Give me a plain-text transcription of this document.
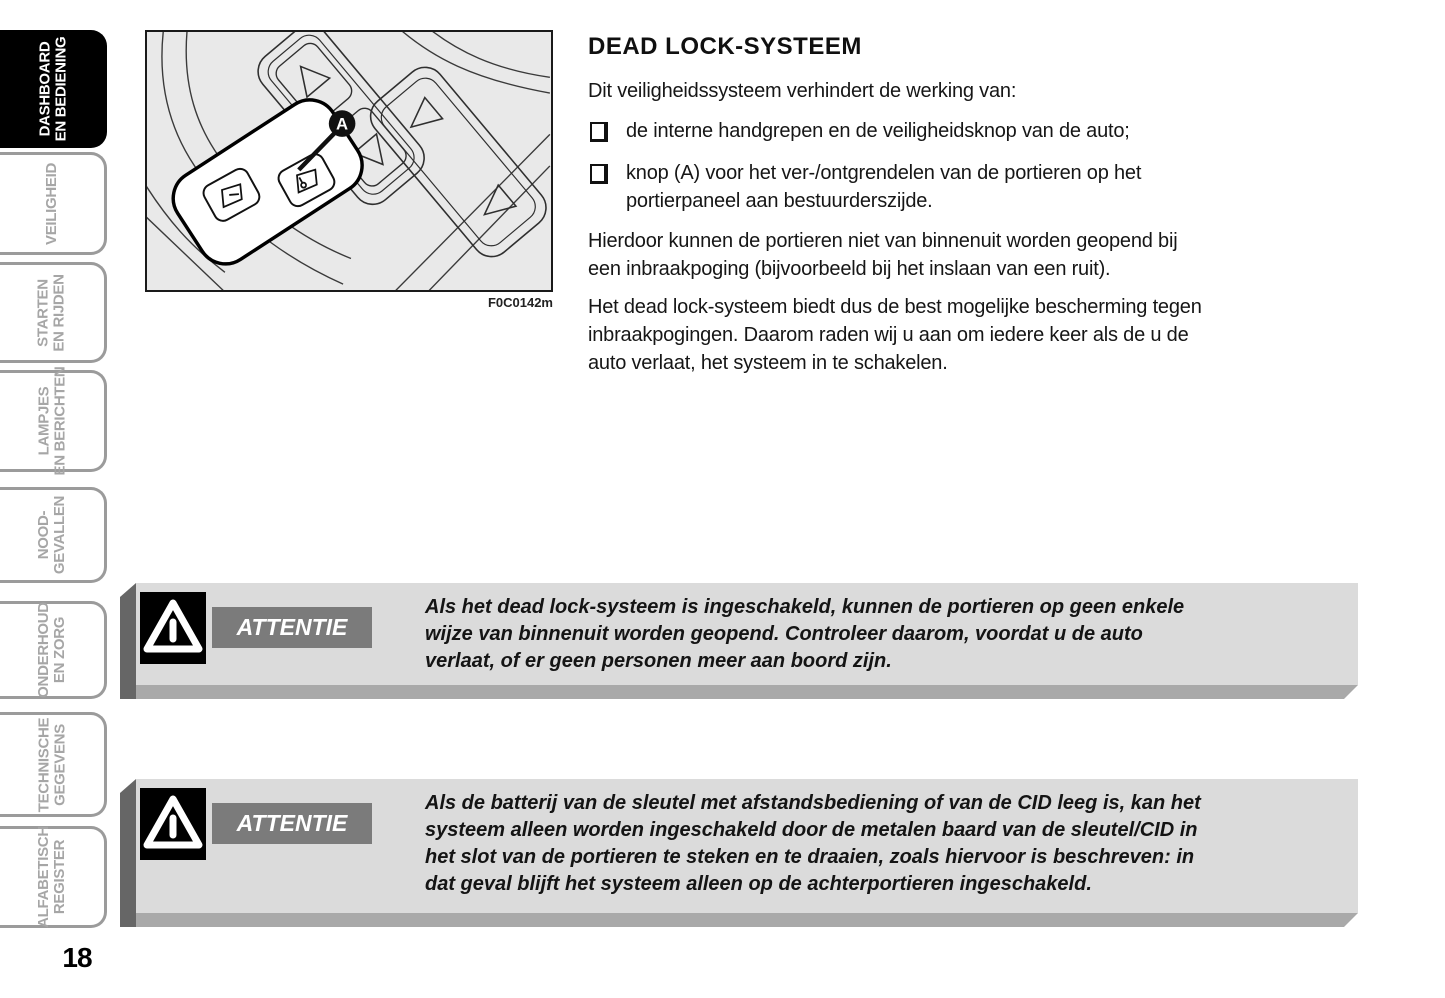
DASHBOARD EN BEDIENING
VEILIGHEID
STARTEN EN RIJDEN
LAMPJES EN BERICHTEN
NOOD- GEVALLEN
ONDERHOUD EN ZORG
TECHNISCHE GEGEVENS
ALFABETISCH REGISTER
18
A
F0C0142m
DEAD LOCK-SYSTEEM
Dit veiligheidssysteem verhindert de werking van:
de interne handgrepen en de veiligheidsknop van de auto;
knop (A) voor het ver-/ontgrendelen van de portieren op het
portierpaneel aan bestuurderszijde.
Hierdoor kunnen de portieren niet van binnenuit worden geopend bij
een inbraakpoging (bijvoorbeeld bij het inslaan van een ruit).
Het dead lock-systeem biedt dus de best mogelijke bescherming tegen
inbraakpogingen. Daarom raden wij u aan om iedere keer als de u de
auto verlaat, het systeem in te schakelen.
ATTENTIE
Als het dead lock-systeem is ingeschakeld, kunnen de portieren op geen enkele
wijze van binnenuit worden geopend. Controleer daarom, voordat u de auto
verlaat, of er geen personen meer aan boord zijn.
ATTENTIE
Als de batterij van de sleutel met afstandsbediening of van de CID leeg is, kan het
systeem alleen worden ingeschakeld door de metalen baard van de sleutel/CID in
het slot van de portieren te steken en te draaien, zoals hiervoor is beschreven: in
dat geval blijft het systeem alleen op de achterportieren ingeschakeld.
